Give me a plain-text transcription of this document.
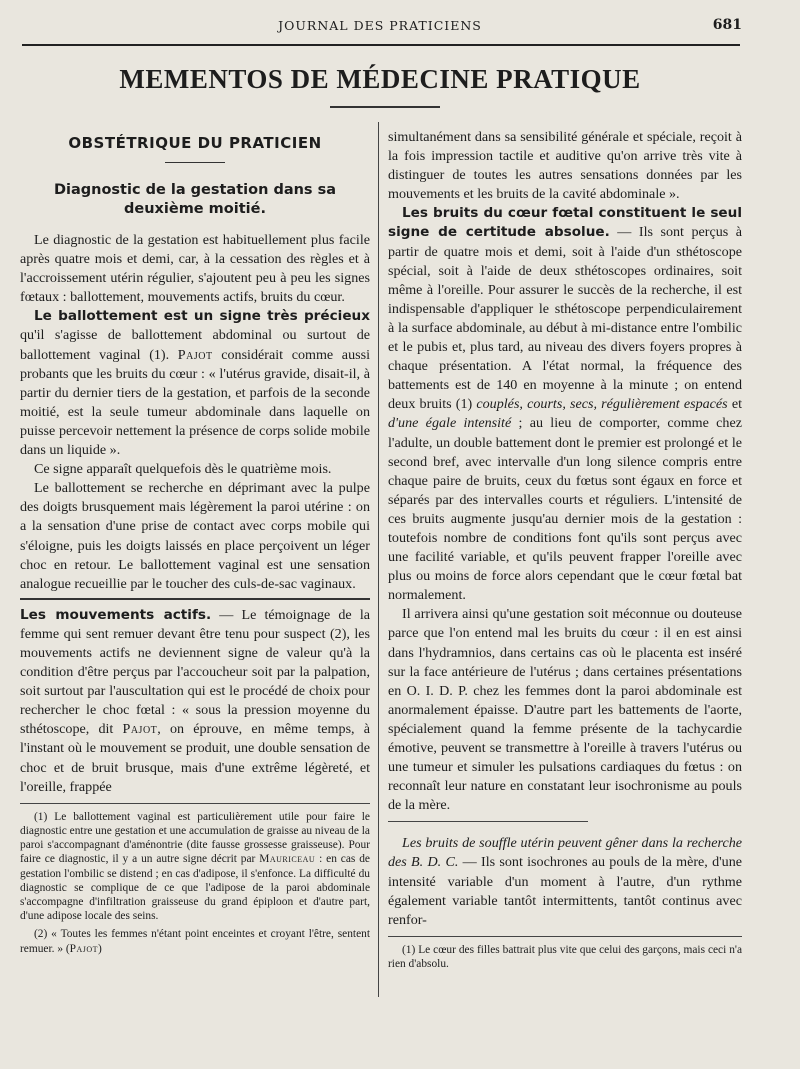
JOURNAL DES PRATICIENS	681
MEMENTOS DE MÉDECINE PRATIQUE
OBSTÉTRIQUE DU PRATICIEN
Diagnostic de la gestation dans sa deuxième moitié.

Le diagnostic de la gestation est habituellement plus facile après quatre mois et demi, car, à la cessation des règles et à l'accroissement utérin régulier, s'ajoutent peu à peu les signes fœtaux : ballottement, mouvements actifs, bruits du cœur.

Le ballottement est un signe très précieux qu'il s'agisse de ballottement abdominal ou surtout de ballottement vaginal (1). Pajot considérait comme aussi probants que les bruits du cœur : « l'utérus gravide, disait-il, à partir du dernier tiers de la gestation, et parfois de la seconde moitié, est la seule tumeur abdominale dans laquelle on puisse percevoir nettement la présence de corps solide mobile dans un liquide ».

Ce signe apparaît quelquefois dès le quatrième mois.

Le ballottement se recherche en déprimant avec la pulpe des doigts brusquement mais légèrement la paroi utérine : on a la sensation d'une prise de contact avec corps mobile qui s'éloigne, puis les doigts laissés en place perçoivent un léger choc en retour. Le ballottement vaginal est une sensation analogue recueillie par le toucher des culs-de-sac vaginaux.

Les mouvements actifs. — Le témoignage de la femme qui sent remuer devant être tenu pour suspect (2), les mouvements actifs ne deviennent signe de valeur qu'à la condition d'être perçus par l'accoucheur soit par la palpation, soit surtout par l'auscultation qui est le procédé de choix pour rechercher le choc fœtal : « sous la pression moyenne du sthétoscope, dit Pajot, on éprouve, en même temps, à l'instant où le mouvement se produit, une double sensation de choc et de bruit brusque, mais d'une extrême légèreté, et l'oreille, frappée

(1) Le ballottement vaginal est particulièrement utile pour faire le diagnostic entre une gestation et une accumulation de graisse au niveau de la paroi s'accompagnant d'aménontrie (dite fausse grossesse graisseuse). Pour faire ce diagnostic, il y a un autre signe décrit par Mauriceau : en cas de gestation l'ombilic se distend ; en cas d'adipose, il s'enfonce. La difficulté du diagnostic se complique de ce que l'adipose de la paroi abdominale s'accompagne d'infiltration graisseuse du grand épiploon et d'autre part, d'une adipose locale des seins.

(2) « Toutes les femmes n'étant point enceintes et croyant l'être, sentent remuer. » (Pajot)

simultanément dans sa sensibilité générale et spéciale, reçoit à la fois impression tactile et auditive qu'on arrive très vite à distinguer de toutes les autres sensations données par les mouvements et les bruits de la cavité abdominale ».

Les bruits du cœur fœtal constituent le seul signe de certitude absolue. — Ils sont perçus à partir de quatre mois et demi, soit à l'aide d'un sthétoscope spécial, soit à l'aide de deux sthétoscopes ordinaires, soit même à l'oreille. Pour assurer le succès de la recherche, il est indispensable d'appliquer le sthétoscope perpendiculairement à la surface abdominale, au début à mi-distance entre l'ombilic et le pubis et, plus tard, au niveau des divers foyers propres à chaque présentation. A l'état normal, la fréquence des battements est de 140 en moyenne à la minute ; on entend deux bruits (1) couplés, courts, secs, régulièrement espacés et d'une égale intensité ; au lieu de comporter, comme chez l'adulte, un double battement dont le premier est prolongé et le second bref, avec intervalle d'un long silence compris entre chaque paire de bruits, ceux du fœtus sont égaux en force et séparés par des intervalles courts et réguliers. L'intensité de ces bruits augmente jusqu'au dernier mois de la gestation : toutefois nombre de conditions font qu'ils sont perçus avec une facilité variable, et qu'ils peuvent frapper l'oreille avec plus ou moins de force alors cependant que le cœur fœtal bat normalement.

Il arrivera ainsi qu'une gestation soit méconnue ou douteuse parce que l'on entend mal les bruits du cœur : il en est ainsi dans l'hydramnios, dans certains cas où le placenta est inséré sur la face antérieure de l'utérus ; dans certaines présentations en O. I. D. P. chez les femmes dont la paroi abdominale est anormalement épaisse. D'autre part les battements de l'aorte, spécialement quand la femme présente de la tachycardie émotive, peuvent se transmettre à l'oreille à travers l'utérus ou une tumeur et simuler les pulsations cardiaques du fœtus : on reconnaît leur nature en constatant leur isochronisme au pouls de la mère.

Les bruits de souffle utérin peuvent gêner dans la recherche des B. D. C. — Ils sont isochrones au pouls de la mère, d'une intensité variable d'un moment à l'autre, d'un rythme également variable tantôt intermittents, tantôt continus avec renfor-

(1) Le cœur des filles battrait plus vite que celui des garçons, mais ceci n'a rien d'absolu.
